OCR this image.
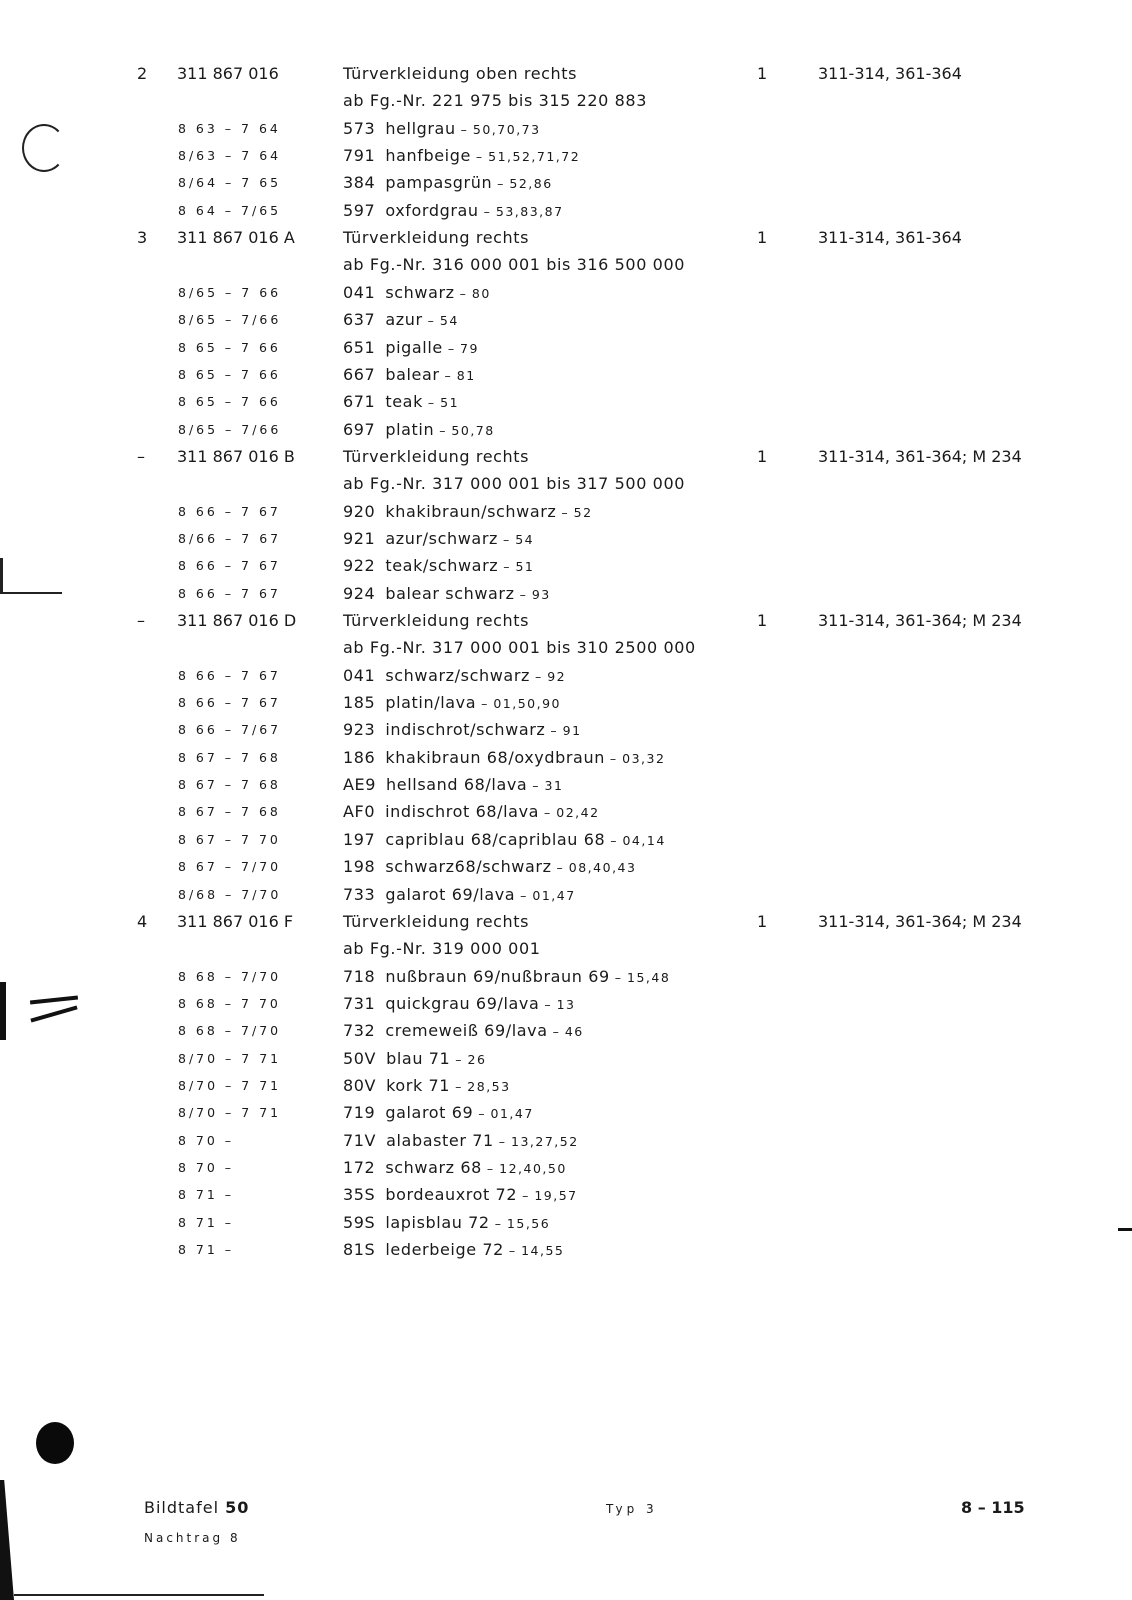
2 311 867 016	Türverkleidung oben rechts	1	311-314, 361-364
ab Fg.-Nr. 221 975 bis 315 220 883
8 63 – 7 64	573 hellgrau – 50,70,73
8/63 – 7 64	791 hanfbeige – 51,52,71,72
8/64 – 7 65	384 pampasgrün – 52,86
8 64 – 7/65	597 oxfordgrau – 53,83,87
3 311 867 016 A	Türverkleidung rechts	1	311-314, 361-364
ab Fg.-Nr. 316 000 001 bis 316 500 000
8/65 – 7 66	041 schwarz – 80
8/65 – 7/66	637 azur – 54
8 65 – 7 66	651 pigalle – 79
8 65 – 7 66	667 balear – 81
8 65 – 7 66	671 teak – 51
8/65 – 7/66	697 platin – 50,78
– 311 867 016 B	Türverkleidung rechts	1	311-314, 361-364; M 234
ab Fg.-Nr. 317 000 001 bis 317 500 000
8 66 – 7 67	920 khakibraun/schwarz – 52
8/66 – 7 67	921 azur/schwarz – 54
8 66 – 7 67	922 teak/schwarz – 51
8 66 – 7 67	924 balear schwarz – 93
– 311 867 016 D	Türverkleidung rechts	1	311-314, 361-364; M 234
ab Fg.-Nr. 317 000 001 bis 310 2500 000
8 66 – 7 67	041 schwarz/schwarz – 92
8 66 – 7 67	185 platin/lava – 01,50,90
8 66 – 7/67	923 indischrot/schwarz – 91
8 67 – 7 68	186 khakibraun 68/oxydbraun – 03,32
8 67 – 7 68	AE9 hellsand 68/lava – 31
8 67 – 7 68	AF0 indischrot 68/lava – 02,42
8 67 – 7 70	197 capriblau 68/capriblau 68 – 04,14
8 67 – 7/70	198 schwarz68/schwarz – 08,40,43
8/68 – 7/70	733 galarot 69/lava – 01,47
4 311 867 016 F	Türverkleidung rechts	1	311-314, 361-364; M 234
ab Fg.-Nr. 319 000 001
8 68 – 7/70	718 nußbraun 69/nußbraun 69 – 15,48
8 68 – 7 70	731 quickgrau 69/lava – 13
8 68 – 7/70	732 cremeweiß 69/lava – 46
8/70 – 7 71	50V blau 71 – 26
8/70 – 7 71	80V kork 71 – 28,53
8/70 – 7 71	719 galarot 69 – 01,47
8 70 –	71V alabaster 71 – 13,27,52
8 70 –	172 schwarz 68 – 12,40,50
8 71 –	35S bordeauxrot 72 – 19,57
8 71 –	59S lapisblau 72 – 15,56
8 71 –	81S lederbeige 72 – 14,55
Bildtafel 50
Nachtrag 8
Typ 3	8 – 115
